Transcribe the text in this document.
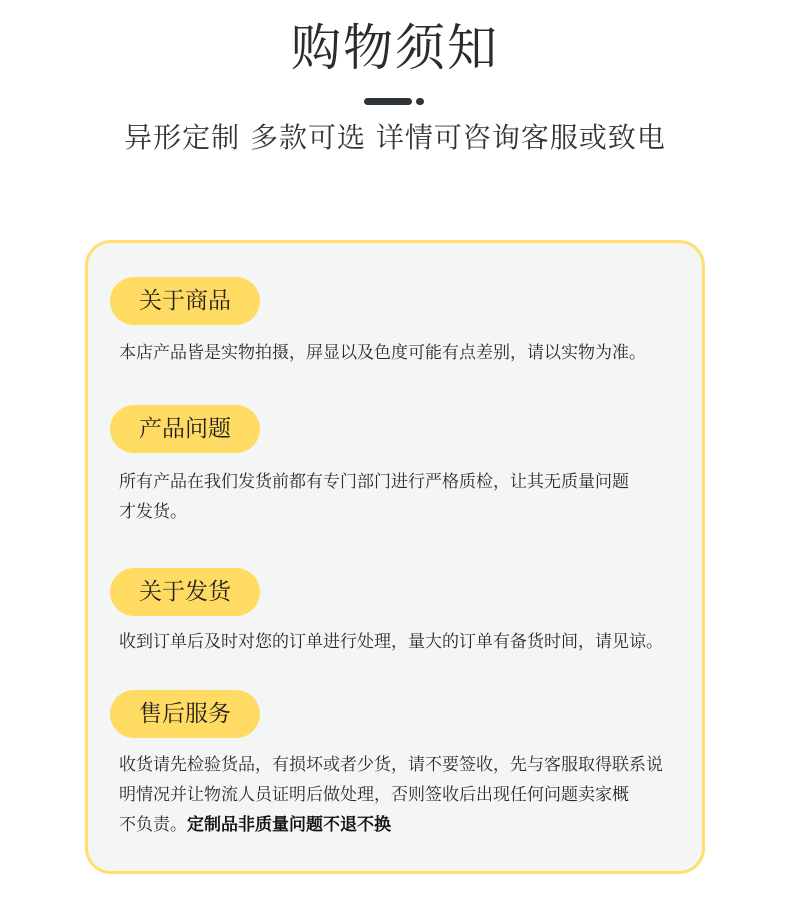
购物须知
异形定制 多款可选 详情可咨询客服或致电
关于商品
本店产品皆是实物拍摄，屏显以及色度可能有点差别，请以实物为准。
产品问题
所有产品在我们发货前都有专门部门进行严格质检，让其无质量问题
才发货。
关于发货
收到订单后及时对您的订单进行处理，量大的订单有备货时间，请见谅。
售后服务
收货请先检验货品，有损坏或者少货，请不要签收，先与客服取得联系说
明情况并让物流人员证明后做处理，否则签收后出现任何问题卖家概
不负责。定制品非质量问题不退不换
